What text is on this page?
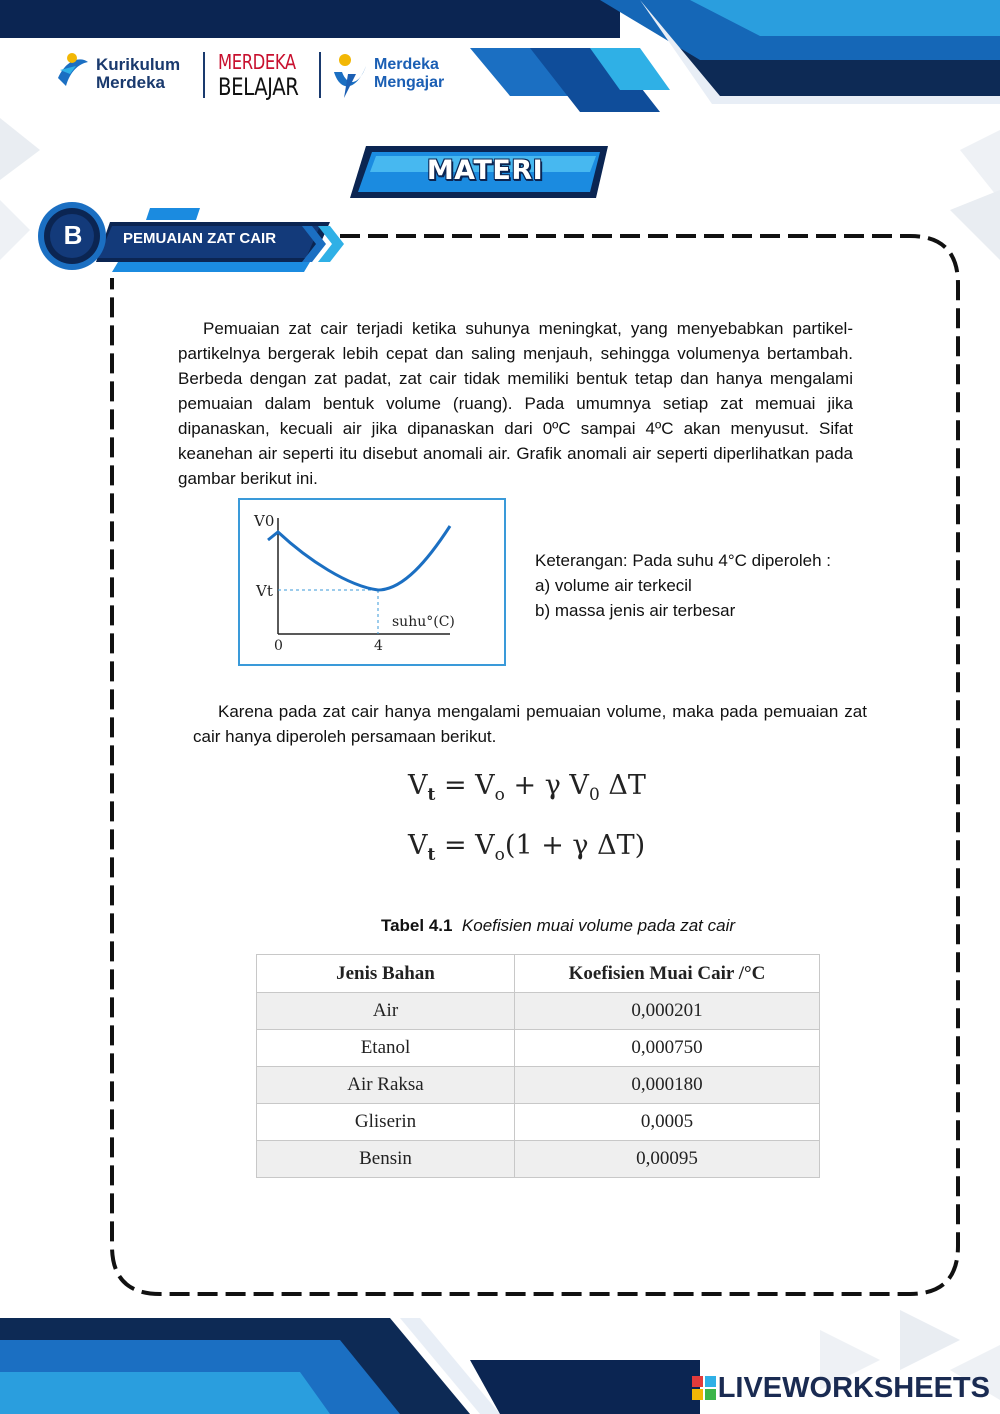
Kurikulum
Merdeka
MERDEKA
BELAJAR
Merdeka
Mengajar
MATERI
B	PEMUAIAN ZAT CAIR
Pemuaian zat cair terjadi ketika suhunya meningkat, yang menyebabkan partikel-partikelnya bergerak lebih cepat dan saling menjauh, sehingga volumenya bertambah. Berbeda dengan zat padat, zat cair tidak memiliki bentuk tetap dan hanya mengalami pemuaian dalam bentuk volume (ruang). Pada umumnya setiap zat memuai jika dipanaskan, kecuali air jika dipanaskan dari 0ºC sampai 4ºC akan menyusut. Sifat keanehan air seperti itu disebut anomali air. Grafik anomali air seperti diperlihatkan pada gambar berikut ini.
V0
Vt
0	4
suhu°(C)
Keterangan: Pada suhu 4°C diperoleh :
a) volume air terkecil
b) massa jenis air terbesar
Karena pada zat cair hanya mengalami pemuaian volume, maka pada pemuaian zat cair hanya diperoleh persamaan berikut.
$V_t = V_o + \gamma$ $V_0$ ΔT
$V_t = V_o(1 + \gamma$ ΔT)
Tabel 4.1 Koefisien muai volume pada zat cair
Jenis Bahan	Koefisien Muai Cair /°C
Air	0,000201
Etanol	0,000750
Air Raksa	0,000180
Gliserin	0,0005
Bensin	0,00095
LIVEWORKSHEETS
